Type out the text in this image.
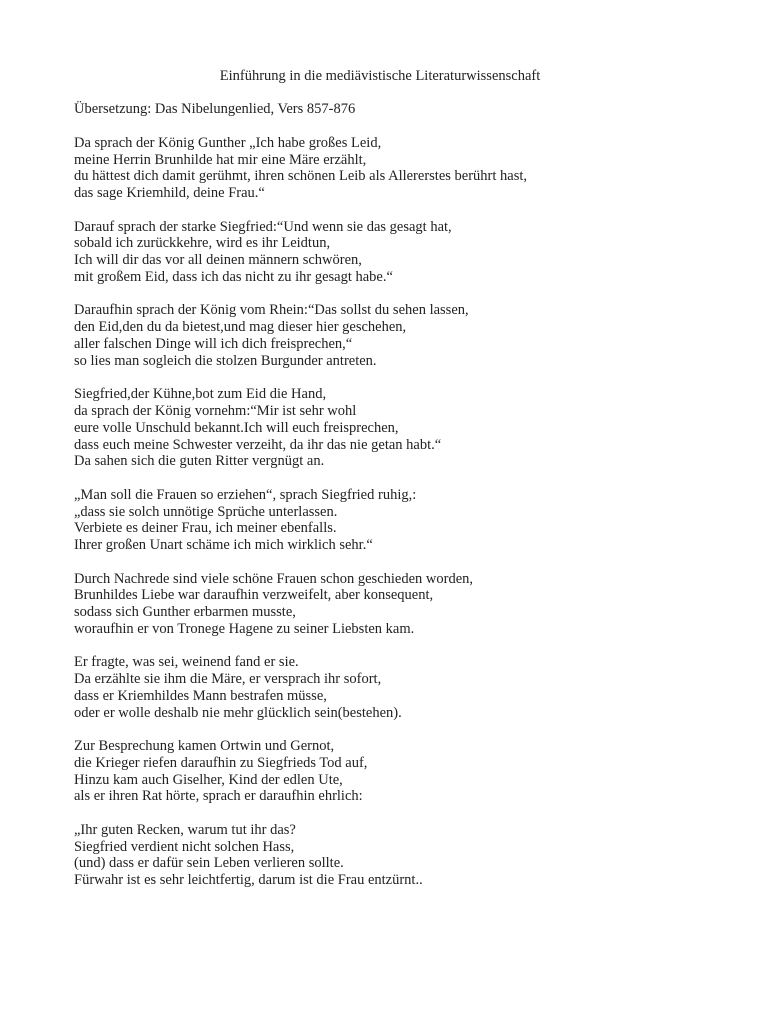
Einführung in die mediävistische Literaturwissenschaft
Übersetzung: Das Nibelungenlied, Vers 857-876
Da sprach der König Gunther „Ich habe großes Leid,
meine Herrin Brunhilde hat mir eine Märe erzählt,
du hättest dich damit gerühmt, ihren schönen Leib als Allererstes berührt hast,
das sage Kriemhild, deine Frau.“
Darauf sprach der starke Siegfried:“Und wenn sie das gesagt hat,
sobald ich zurückkehre, wird es ihr Leidtun,
Ich will dir das vor all deinen männern schwören,
mit großem Eid, dass ich das nicht zu ihr gesagt habe.“
Daraufhin sprach der König vom Rhein:“Das sollst du sehen lassen,
den Eid,den du da bietest,und mag dieser hier geschehen,
aller falschen Dinge will ich dich freisprechen,“
so lies man sogleich die stolzen Burgunder antreten.
Siegfried,der Kühne,bot zum Eid die Hand,
da sprach der König vornehm:“Mir ist sehr wohl
eure volle Unschuld bekannt.Ich will euch freisprechen,
dass euch meine Schwester verzeiht, da ihr das nie getan habt.“
Da sahen sich die guten Ritter vergnügt an.
„Man soll die Frauen so erziehen“, sprach Siegfried ruhig,:
„dass sie solch unnötige Sprüche unterlassen.
Verbiete es deiner Frau, ich meiner ebenfalls.
Ihrer großen Unart schäme ich mich wirklich sehr.“
Durch Nachrede sind viele schöne Frauen schon geschieden worden,
Brunhildes Liebe war daraufhin verzweifelt, aber konsequent,
sodass sich Gunther erbarmen musste,
woraufhin er von Tronege Hagene zu seiner Liebsten kam.
Er fragte, was sei, weinend fand er sie.
Da erzählte sie ihm die Märe, er versprach ihr sofort,
dass er Kriemhildes Mann bestrafen müsse,
oder er wolle deshalb nie mehr glücklich sein(bestehen).
Zur Besprechung kamen Ortwin und Gernot,
die Krieger riefen daraufhin zu Siegfrieds Tod auf,
Hinzu kam auch Giselher, Kind der edlen Ute,
als er ihren Rat hörte, sprach er daraufhin ehrlich:
„Ihr guten Recken, warum tut ihr das?
Siegfried verdient nicht solchen Hass,
(und) dass er dafür sein Leben verlieren sollte.
Fürwahr ist es sehr leichtfertig, darum ist die Frau entzürnt..
